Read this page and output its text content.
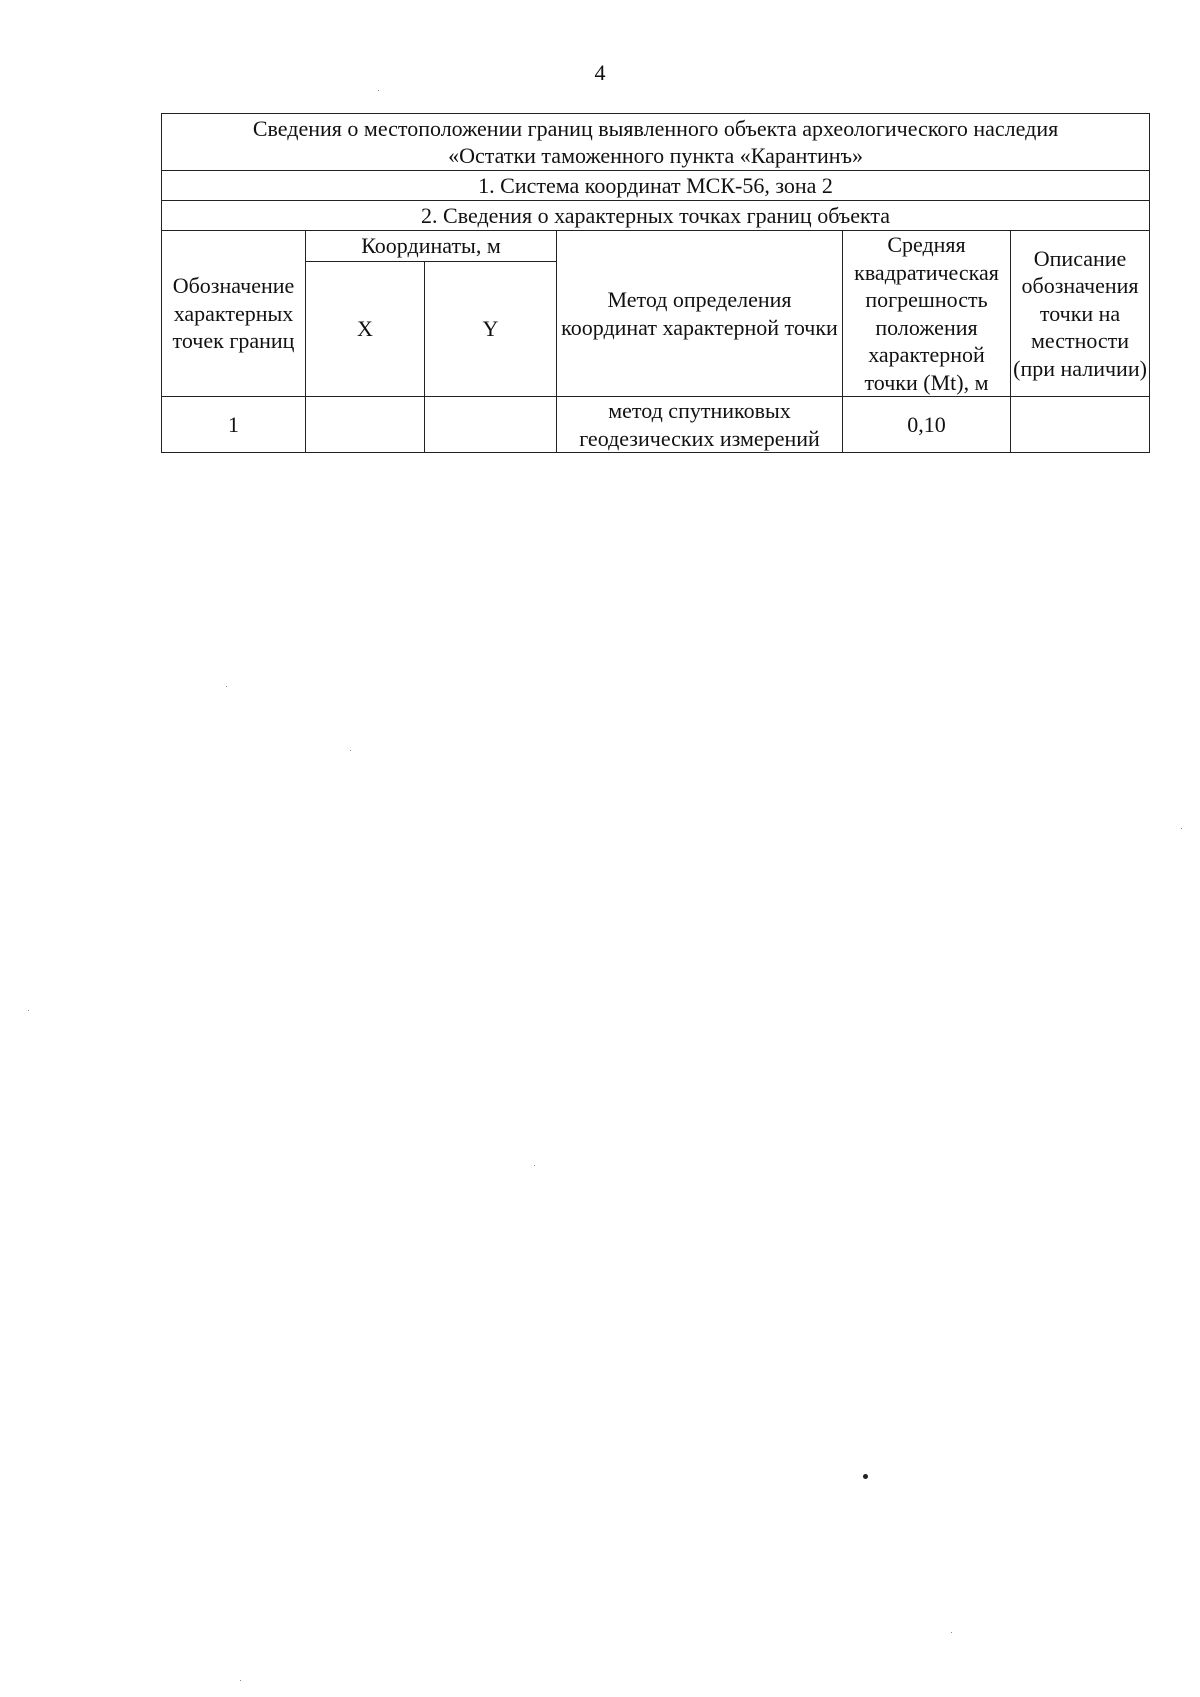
4
Сведения о местоположении границ выявленного объекта археологического наследия
«Остатки таможенного пункта «Карантинъ»					

1. Система координат МСК-56, зона 2					
2. Сведения о характерных точках границ объекта					
Обозначение характерных точек границ	Координаты, м		Метод определения координат характерной точки	Средняя квадратическая погрешность положения характерной точки (Mt), м	Описание обозначения точки на местности (при наличии)
	X	Y			
1			метод спутниковых геодезических измерений	0,10	
